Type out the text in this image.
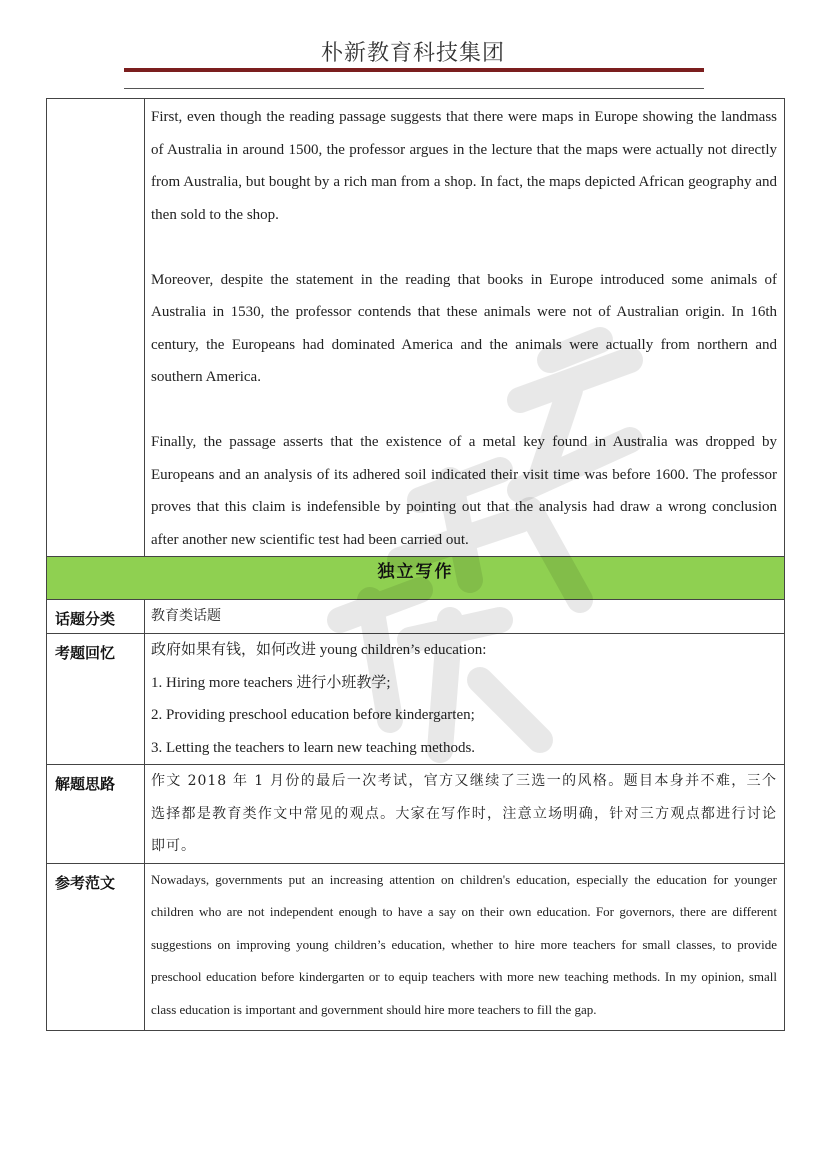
朴新教育科技集团

	First, even though the reading passage suggests that there were maps in Europe showing the landmass of Australia in around 1500, the professor argues in the lecture that the maps were actually not directly from Australia, but bought by a rich man from a shop. In fact, the maps depicted African geography and then sold to the shop.

Moreover, despite the statement in the reading that books in Europe introduced some animals of Australia in 1530, the professor contends that these animals were not of Australian origin. In 16th century, the Europeans had dominated America and the animals were actually from northern and southern America.

Finally, the passage asserts that the existence of a metal key found in Australia was dropped by Europeans and an analysis of its adhered soil indicated their visit time was before 1600. The professor proves that this claim is indefensible by pointing out that the analysis had draw a wrong conclusion after another new scientific test had been carried out.

独立写作	

话题分类	教育类话题

考题回忆	政府如果有钱，如何改进 young children’s education:

1. Hiring more teachers 进行小班教学;

2. Providing preschool education before kindergarten;

3. Letting the teachers to learn new teaching methods.

解题思路	作文 2018 年 1 月份的最后一次考试，官方又继续了三选一的风格。题目本身并不难，三个选择都是教育类作文中常见的观点。大家在写作时，注意立场明确，针对三方观点都进行讨论即可。

参考范文	Nowadays, governments put an increasing attention on children's education, especially the education for younger children who are not independent enough to have a say on their own education. For governors, there are different suggestions on improving young children’s education, whether to hire more teachers for small classes, to provide preschool education before kindergarten or to equip teachers with more new teaching methods. In my opinion, small class education is important and government should hire more teachers to fill the gap.
